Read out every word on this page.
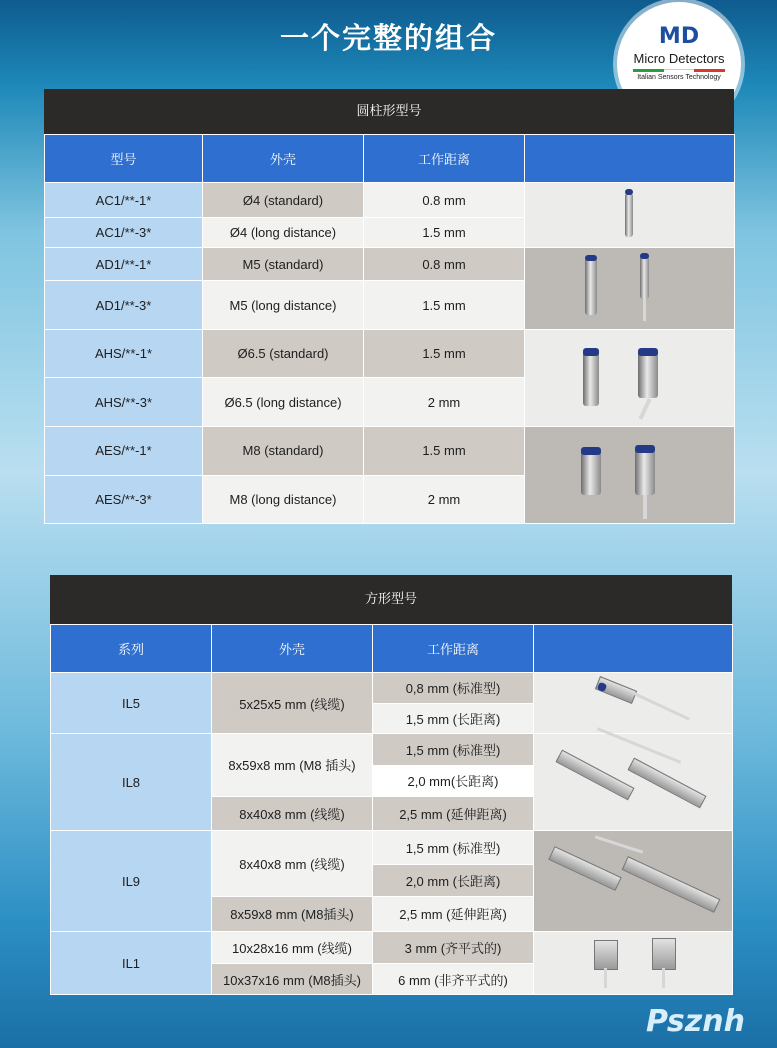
一个完整的组合	MD
Micro Detectors
Italian Sensors Technology
圆柱形型号
型号	外壳	工作距离	
AC1/**-1*	Ø4 (standard)	0.8 mm	

AC1/**-3*	Ø4 (long distance)	1.5 mm	
AD1/**-1*	M5 (standard)	0.8 mm	

AD1/**-3*	M5 (long distance)	1.5 mm	
AHS/**-1*	Ø6.5 (standard)	1.5 mm	

AHS/**-3*	Ø6.5 (long distance)	2 mm	
AES/**-1*	M8 (standard)	1.5 mm	

AES/**-3*	M8 (long distance)	2 mm	
方形型号
系列	外壳	工作距离	
IL5	5x25x5 mm (线缆)	0,8 mm (标准型)	

		1,5 mm (长距离)	
IL8	8x59x8 mm (M8 插头)	1,5 mm (标准型)	

		2,0 mm(长距离)	
	8x40x8 mm (线缆)	2,5 mm (延伸距离)	
IL9	8x40x8 mm (线缆)	1,5 mm (标准型)	

		2,0 mm (长距离)	
	8x59x8 mm (M8插头)	2,5 mm (延伸距离)	
IL1	10x28x16 mm (线缆)	3 mm (齐平式的)	

	10x37x16 mm (M8插头)	6 mm (非齐平式的)	
Psznh
